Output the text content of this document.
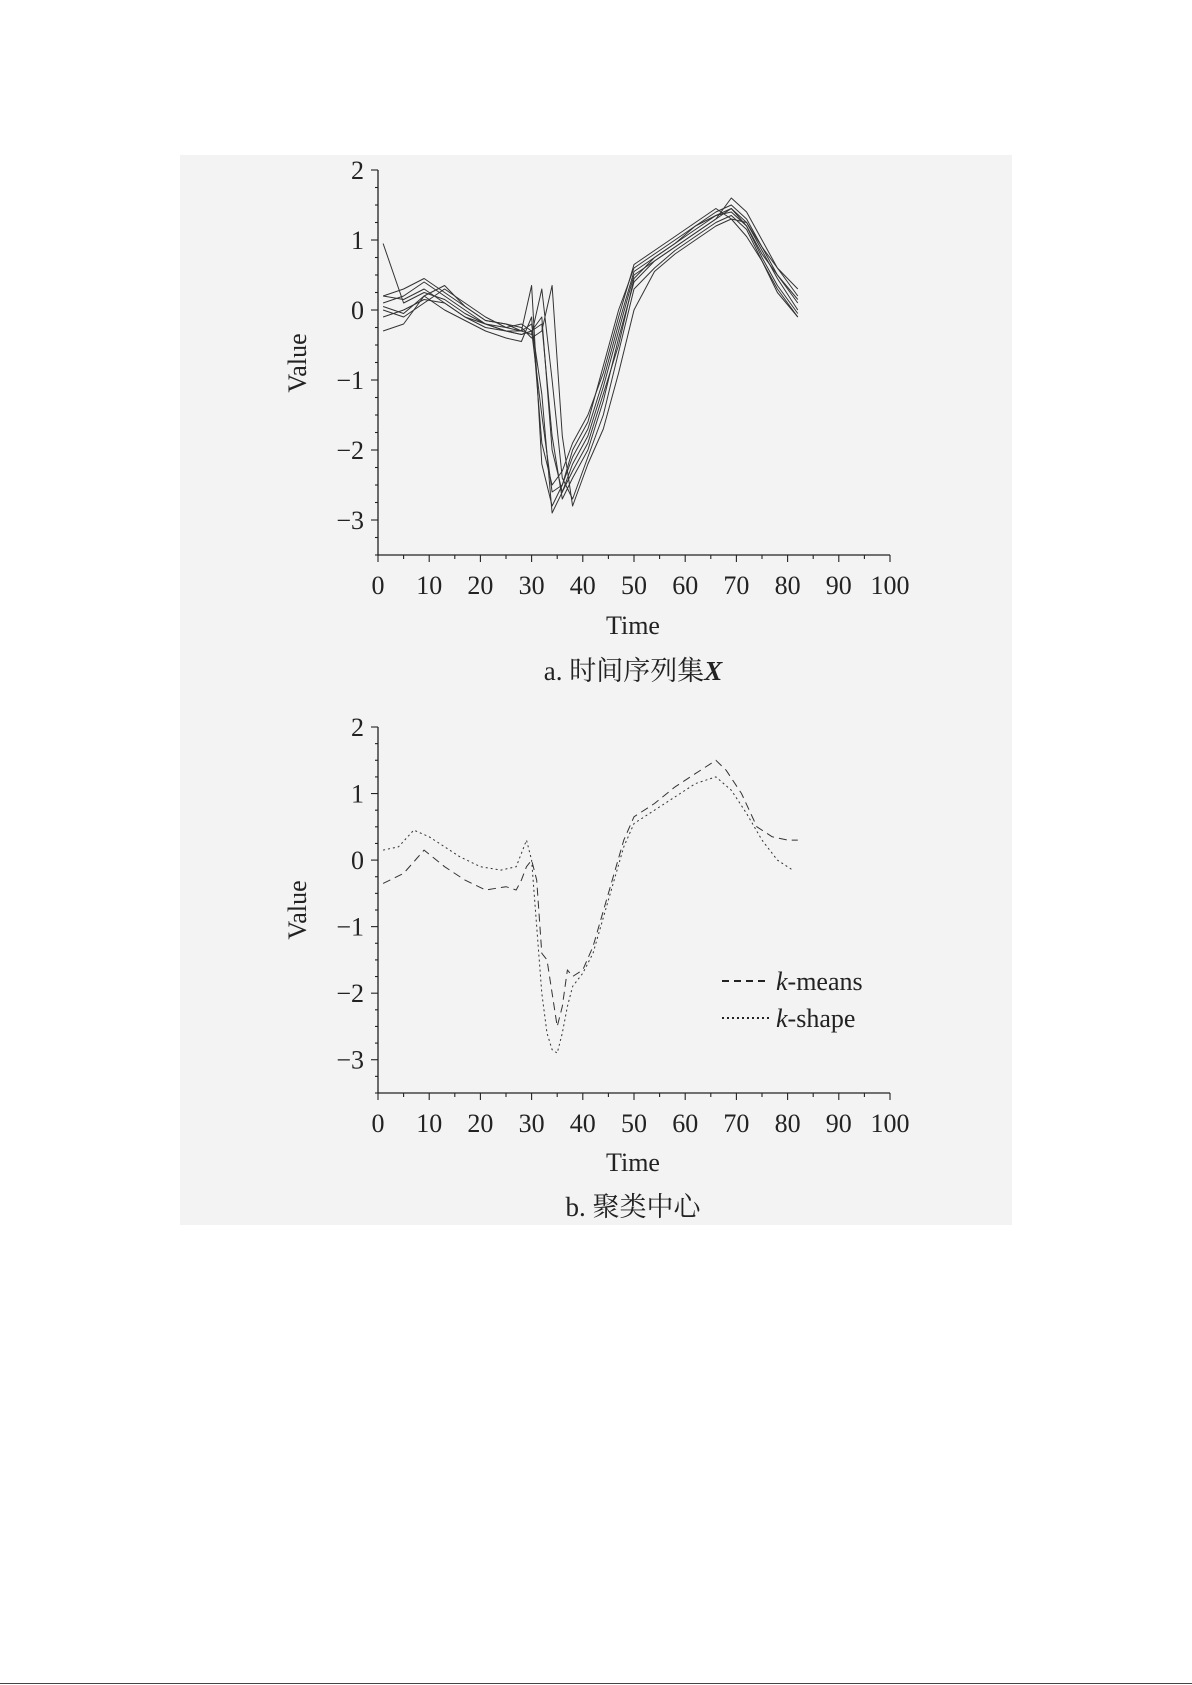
2
1
0
−1
−2
−3
0 10 20 30 40 50 60 70 80 90 100
Value
Time
a. 时间序列集X
2
1
0
−1
−2
−3
0 10 20 30 40 50 60 70 80 90 100
Value
Time
b. 聚类中心
k-means
k-shape
